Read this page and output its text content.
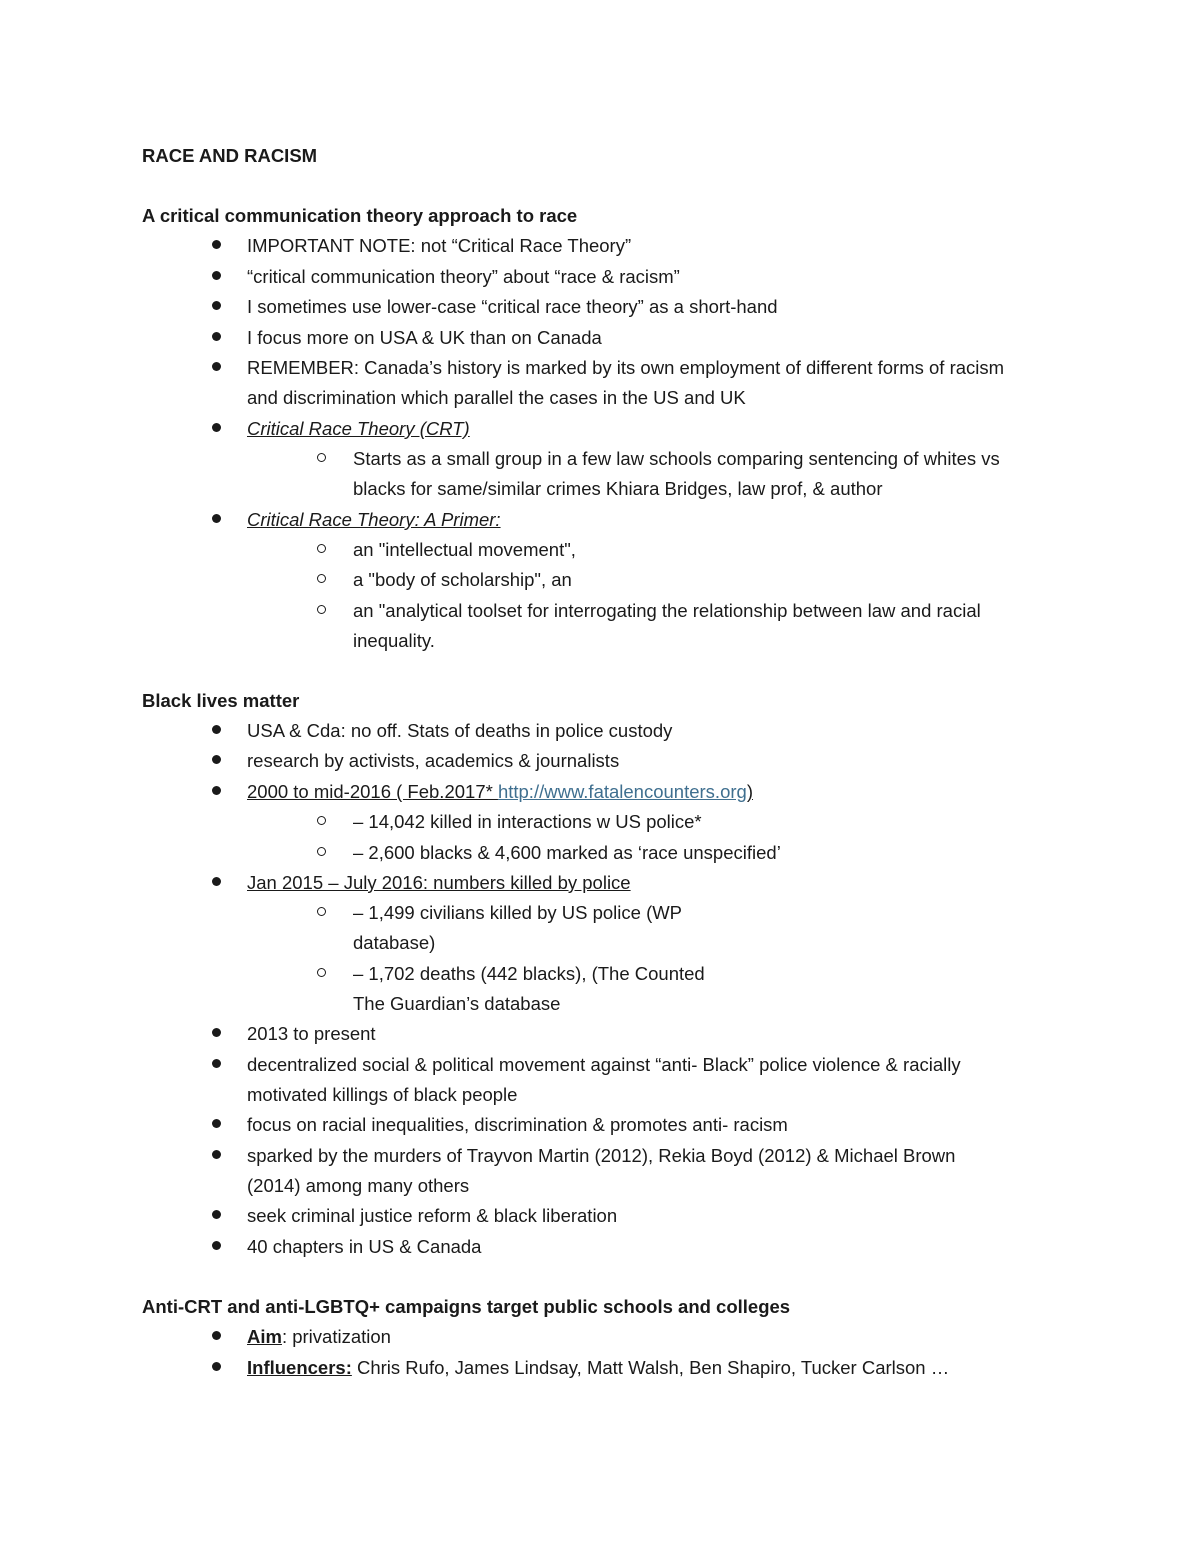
RACE AND RACISM
A critical communication theory approach to race
IMPORTANT NOTE: not “Critical Race Theory”
“critical communication theory” about “race & racism”
I sometimes use lower-case “critical race theory” as a short-hand
I focus more on USA & UK than on Canada
REMEMBER: Canada’s history is marked by its own employment of different forms of racism
and discrimination which parallel the cases in the US and UK
Critical Race Theory (CRT)
Starts as a small group in a few law schools comparing sentencing of whites vs
blacks for same/similar crimes Khiara Bridges, law prof, & author
Critical Race Theory: A Primer:
an "intellectual movement",
a "body of scholarship", an
an "analytical toolset for interrogating the relationship between law and racial
inequality.
Black lives matter
USA & Cda: no off. Stats of deaths in police custody
research by activists, academics & journalists
2000 to mid-2016 ( Feb.2017* http://www.fatalencounters.org)
– 14,042 killed in interactions w US police*
– 2,600 blacks & 4,600 marked as ‘race unspecified’
Jan 2015 – July 2016: numbers killed by police
– 1,499 civilians killed by US police (WP
database)
– 1,702 deaths (442 blacks), (The Counted
The Guardian’s database
2013 to present
decentralized social & political movement against “anti- Black” police violence & racially
motivated killings of black people
focus on racial inequalities, discrimination & promotes anti- racism
sparked by the murders of Trayvon Martin (2012), Rekia Boyd (2012) & Michael Brown
(2014) among many others
seek criminal justice reform & black liberation
40 chapters in US & Canada
Anti-CRT and anti-LGBTQ+ campaigns target public schools and colleges
Aim: privatization
Influencers: Chris Rufo, James Lindsay, Matt Walsh, Ben Shapiro, Tucker Carlson …
